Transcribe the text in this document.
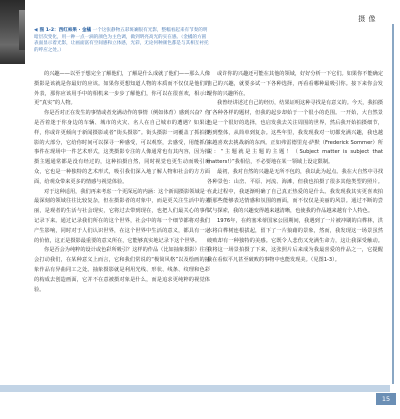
摄 像
◀ 图 1-2：西红柿果 · 金橘 一个这张静物五彩斑斓很有光影，整幅看起来有节奏的明暗层次变化，用一种一点一滴的颜色为主色调，做到明亮高光的实在感。（金橘的方圆表面显示着光影，让画面富有空间感和立体感，光彩，无论何种颜色都是与其相互衬托的呼应之处。）

的兴趣——以至于想完全了解他们，了解是什么成就了他们——那么人像摄影是该就是你最好的应该。如果你更想知道人物的本质而不仅仅是他们的外表，那你应该用手中的相机来一步步了解他们，你可以在很喜欢，相示出更“真实”的人物。

你是否对正在发生的事情或者充满动作的事情（例如体育）感到兴奋？你是否着迷于你身边的车辆、城市的火灾、名人在自己城市的遭遇？如果这样，你或许更倾向于新闻摄影或者“街头摄影”。街头摄影一词覆盖了抓拍摄影的大部分，它给你时间可以探寻一种感受，可以观察，去感受，用能抓住事件在现场中一件艺术形式，这类摄影专注的人像通常也有其内容，因为拍摄主题通常都是没有经过的，这种拍摄自然，同时视觉也更生动而吸引观众，它也是一种独特的艺术形式，吸引我们深入地了解人物和社会的方方面面，给观众带来更多的情感与视觉体验。

对于这种适用，我们再来考虑一个更深远的内涵：这个新闻摄影领域是一最深刻的领域往往比较复杂，但在摄影者的对象中，而是更关注生活中的美丽，是观者的生活与社会现实，它将过去带到现在，也把人们最关心的事件记录下来。通过记录我们所在的这个世界，社会中的每一个细节都将对我们产生影响，同时对于人们认识世界，在这个世界中生活的意义，都具有一定的价值，这正是摄影最重要的意义所在，它能够真实地记录下这个世界。

你是否会为纯粹的设计或色彩所吸引？这样的作品（比如抽象摄影）往往会打动我们，在某种意义上而言，它和我们常说的“极简风格”以及绘画的抽象作品有异曲同工之处。抽象摄影就是利用光线、形状、线条、纹理和色彩的构成去创造画面，它并不在意被摄对象是什么，而是追求更纯粹的视觉体验。

或许你的兴趣还可能在其他的领域，好好分析一下它们。如果你不能确定自己的兴趣，就要多试一下各种选择，再看看哪种最吸引你。接下来你会发现你的兴趣所在。

我曾经讲述过自己的经历，结果证明这种寻找是有意义的。今天，我拍摄了各种各样的题材，但我的起步却始于一个很小的范围。一开始，大自然景色是一个很好的选择，也启发我去关注周围的世界，然后我开始拍摄细节，再到整体，从简单到复杂。这些年里，我发现我对一切都充满兴趣，我也越来越喜欢去挑战新的东西。正如弗雷德里克·萨默（Frederick Sommer）所说：“主题就是主题的主题！（Subject matter is subject that matters!）”我相信，不必要地在某一领域上设定限制。

最初，我对自然的兴趣是无所不包的，我以此为起点。我在大自然中寻找各种景色：山峦、平原、河流、海滩，但我也拍摄了很多其他类型的照片。在此过程中，我逐渐明确了自己真正热爱的是什么。我发现我其实更喜欢拍摄那些能够表达情感和氛围的画面，而不仅仅是美丽的风景。通过不断的尝试与探索，我的兴趣变得越来越清晰，也使我的作品越来越有个人特色。

1976年，在约塞米蒂国家公园期间，我遇到了一片被冲刷的白桦林，洪水将白桦树连根拔起，留下了一片狼藉的景象，然而，我发现这一场景虽然破败却有一种独特的美感。它既令人悲伤又充满生命力，这让我深受触动。我将这一场景拍摄了下来，这张照片后来成为我最喜爱的作品之一，它提醒我在看似平凡甚至破败的事物中也能发现美。（见图1-3）。

15
